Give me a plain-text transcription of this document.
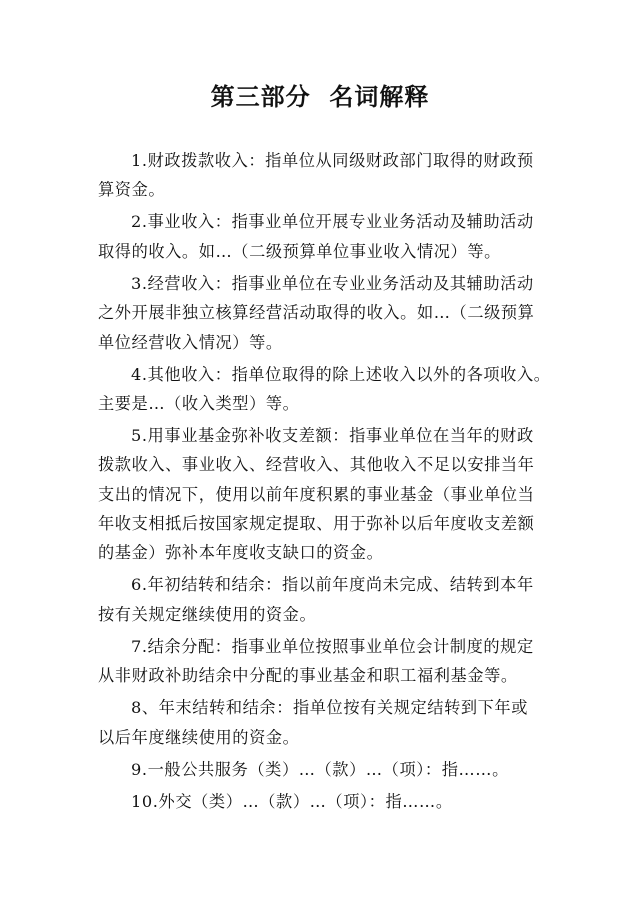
第三部分  名词解释
1.财政拨款收入：指单位从同级财政部门取得的财政预
算资金。
2.事业收入：指事业单位开展专业业务活动及辅助活动
取得的收入。如…（二级预算单位事业收入情况）等。
3.经营收入：指事业单位在专业业务活动及其辅助活动
之外开展非独立核算经营活动取得的收入。如…（二级预算
单位经营收入情况）等。
4.其他收入：指单位取得的除上述收入以外的各项收入。
主要是…（收入类型）等。
5.用事业基金弥补收支差额：指事业单位在当年的财政
拨款收入、事业收入、经营收入、其他收入不足以安排当年
支出的情况下，使用以前年度积累的事业基金（事业单位当
年收支相抵后按国家规定提取、用于弥补以后年度收支差额
的基金）弥补本年度收支缺口的资金。
6.年初结转和结余：指以前年度尚未完成、结转到本年
按有关规定继续使用的资金。
7.结余分配：指事业单位按照事业单位会计制度的规定
从非财政补助结余中分配的事业基金和职工福利基金等。
8、年末结转和结余：指单位按有关规定结转到下年或
以后年度继续使用的资金。
9.一般公共服务（类）…（款）…（项）：指……。
10.外交（类）…（款）…（项）：指……。
